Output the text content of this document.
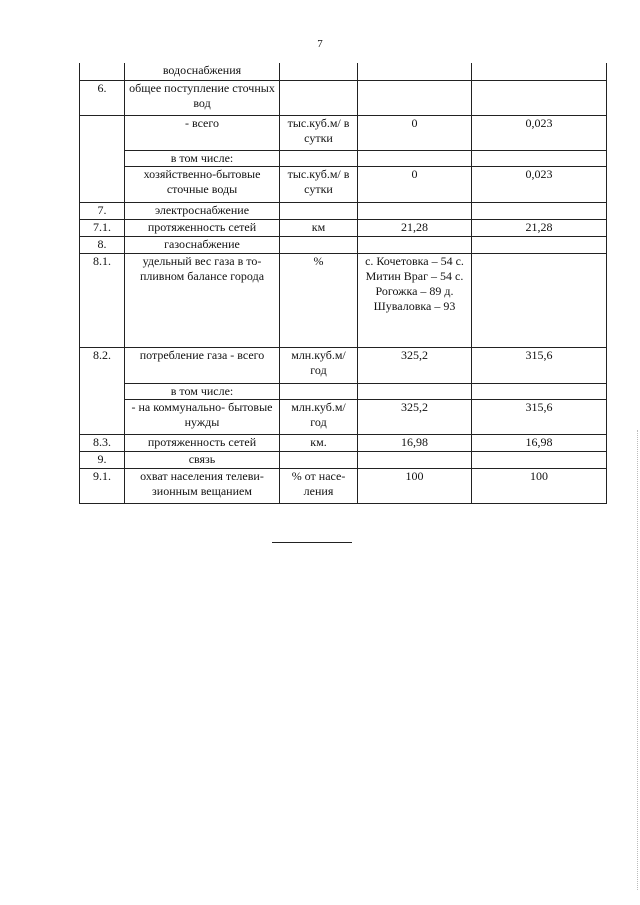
7
	водоснабжения			
6.	общее поступление сточных вод			
	- всего	тыс.куб.м/ в сутки	0	0,023
	в том числе:			
	хозяйственно-бытовые сточные воды	тыс.куб.м/ в сутки	0	0,023
7.	электроснабжение			
7.1.	протяженность сетей	км	21,28	21,28
8.	газоснабжение			
8.1.	удельный вес газа в то- пливном балансе города	%	с. Кочетовка – 54 с. Митин Враг – 54 с. Рогожка – 89 д. Шуваловка – 93	
8.2.	потребление газа - всего	млн.куб.м/ год	325,2	315,6
	в том числе:			
	- на коммунально- бытовые нужды	млн.куб.м/ год	325,2	315,6
8.3.	протяженность сетей	км.	16,98	16,98
9.	связь			
9.1.	охват населения телеви- зионным вещанием	% от насе- ления	100	100
